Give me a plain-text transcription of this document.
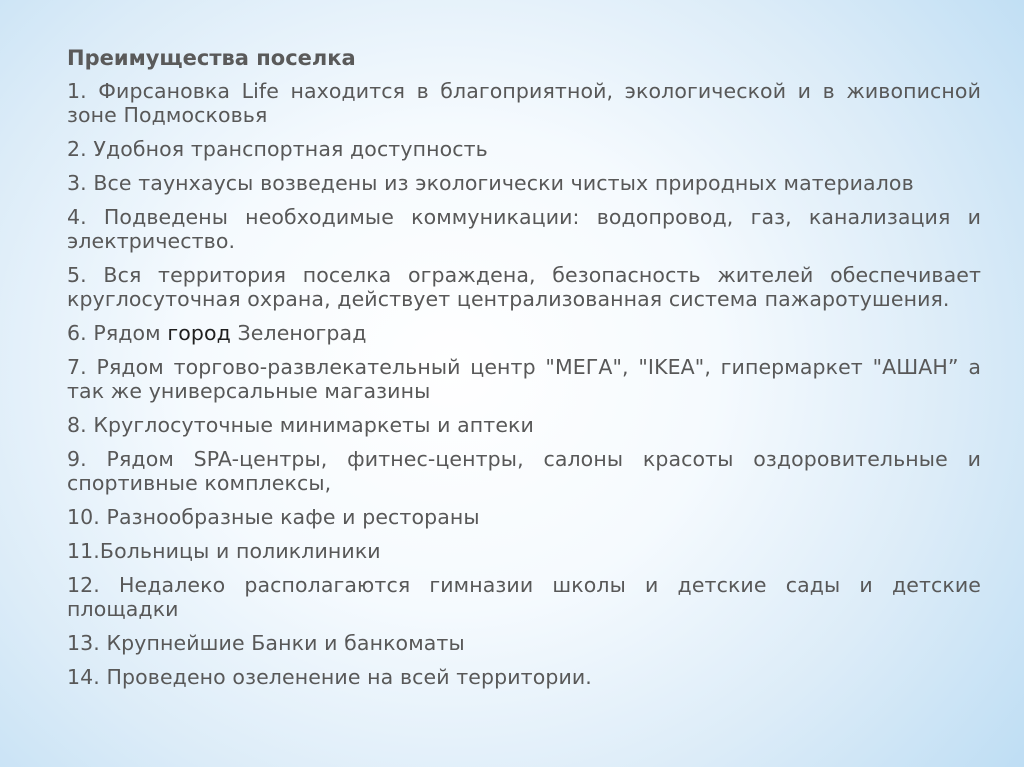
Преимущества поселка
1. Фирсановка Life находится в благоприятной, экологической и в живописной зоне Подмосковья
2. Удобноя транспортная доступность
3. Все таунхаусы возведены из экологически чистых природных материалов
4. Подведены необходимые коммуникации: водопровод, газ, канализация и электричество.
5. Вся территория поселка ограждена, безопасность жителей обеспечивает круглосуточная охрана, действует централизованная система пажаротушения.
6. Рядом город Зеленоград
7. Рядом торгово-развлекательный центр "МЕГА", "IKEA", гипермаркет "АШАН” а так же универсальные магазины
8. Круглосуточные минимаркеты и аптеки
9. Рядом SPA-центры, фитнес-центры, салоны красоты оздоровительные и спортивные комплексы,
10. Разнообразные кафе и рестораны
11.Больницы и поликлиники
12. Недалеко располагаются гимназии школы и детские сады и детские площадки
13. Крупнейшие Банки и банкоматы
14. Проведено озеленение на всей территории.
